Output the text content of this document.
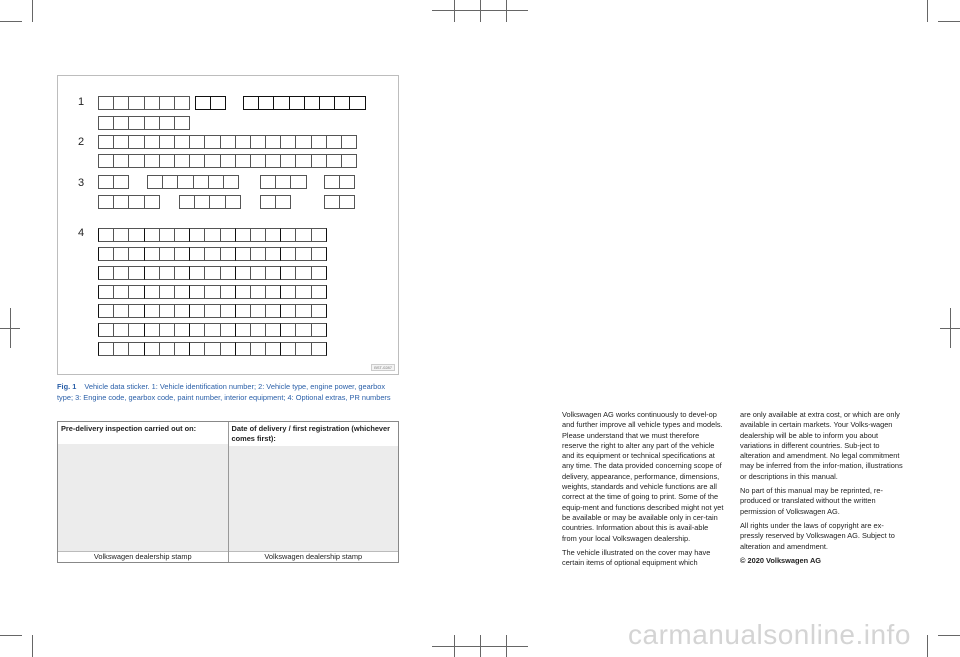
1
2
3
4
BST-0287
Fig. 1 Vehicle data sticker. 1: Vehicle identification number; 2: Vehicle type, engine power, gearbox type; 3: Engine code, gearbox code, paint number, interior equipment; 4: Optional extras, PR numbers
Pre-delivery inspection carried out on:
Volkswagen dealership stamp
Date of delivery / first registration (whichever comes first):
Volkswagen dealership stamp

Volkswagen AG works continuously to devel-op and further improve all vehicle types and models. Please understand that we must therefore reserve the right to alter any part of the vehicle and its equipment or technical specifications at any time. The data provided concerning scope of delivery, appearance, performance, dimensions, weights, standards and vehicle functions are all correct at the time of going to print. Some of the equip-ment and functions described might not yet be available or may be available only in cer-tain countries. Information about this is avail-able from your local Volkswagen dealership.

The vehicle illustrated on the cover may have certain items of optional equipment which

are only available at extra cost, or which are only available in certain markets. Your Volks-wagen dealership will be able to inform you about variations in different countries. Sub-ject to alteration and amendment. No legal commitment may be inferred from the infor-mation, illustrations or descriptions in this manual.

No part of this manual may be reprinted, re-produced or translated without the written permission of Volkswagen AG.

All rights under the laws of copyright are ex-pressly reserved by Volkswagen AG. Subject to alteration and amendment.

© 2020 Volkswagen AG

carmanualsonline.info
